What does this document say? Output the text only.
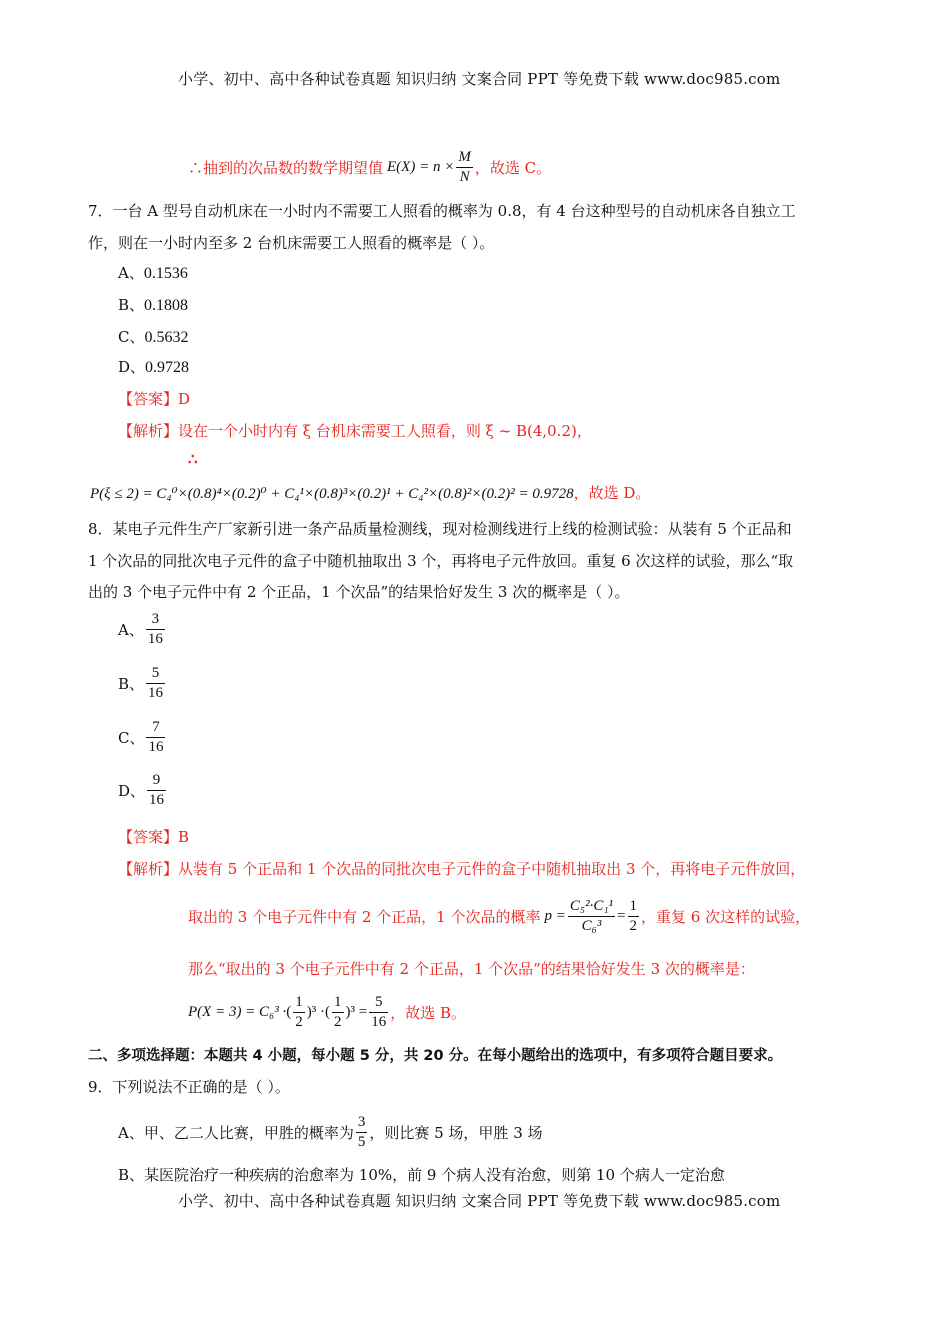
小学、初中、高中各种试卷真题 知识归纳 文案合同 PPT 等免费下载 www.doc985.com
∴抽到的次品数的数学期望值 $E(X) = n \times \frac{M}{N}$ ，故选 C。
7．一台 A 型号自动机床在一小时内不需要工人照看的概率为 0.8，有 4 台这种型号的自动机床各自独立工
作，则在一小时内至多 2 台机床需要工人照看的概率是（ ）。
A、0.1536
B、0.1808
C、0.5632
D、0.9728
【答案】D
【解析】设在一个小时内有 ξ 台机床需要工人照看，则 ξ ~ B(4,0.2)，
∴
P(ξ ≤ 2) = C₄⁰×(0.8)⁴×(0.2)⁰ + C₄¹×(0.8)³×(0.2)¹ + C₄²×(0.8)²×(0.2)² = 0.9728，故选 D。
8．某电子元件生产厂家新引进一条产品质量检测线，现对检测线进行上线的检测试验：从装有 5 个正品和
1 个次品的同批次电子元件的盒子中随机抽取出 3 个，再将电子元件放回。重复 6 次这样的试验，那么“取
出的 3 个电子元件中有 2 个正品，1 个次品”的结果恰好发生 3 次的概率是（ ）。
A、 $\frac{3}{16}$
B、 $\frac{5}{16}$
C、 $\frac{7}{16}$
D、 $\frac{9}{16}$
【答案】B
【解析】从装有 5 个正品和 1 个次品的同批次电子元件的盒子中随机抽取出 3 个，再将电子元件放回，
取出的 3 个电子元件中有 2 个正品，1 个次品的概率 $p = \frac{\text{C₅²·C₁¹}}{\text{C₆³}} = \frac{1}{2}$ ，重复 6 次这样的试验，
那么“取出的 3 个电子元件中有 2 个正品，1 个次品”的结果恰好发生 3 次的概率是：
P(X = 3) = C₆³ · ( $\frac{1}{2}$ ) ³ · ( $\frac{1}{2}$ ) $^3 = \frac{5}{16}$ ，故选 B。
二、多项选择题：本题共 4 小题，每小题 5 分，共 20 分。在每小题给出的选项中，有多项符合题目要求。
9．下列说法不正确的是（ ）。
A、甲、乙二人比赛，甲胜的概率为 $\frac{3}{5}$ ，则比赛 5 场，甲胜 3 场
B、某医院治疗一种疾病的治愈率为 10%，前 9 个病人没有治愈，则第 10 个病人一定治愈
小学、初中、高中各种试卷真题 知识归纳 文案合同 PPT 等免费下载 www.doc985.com
